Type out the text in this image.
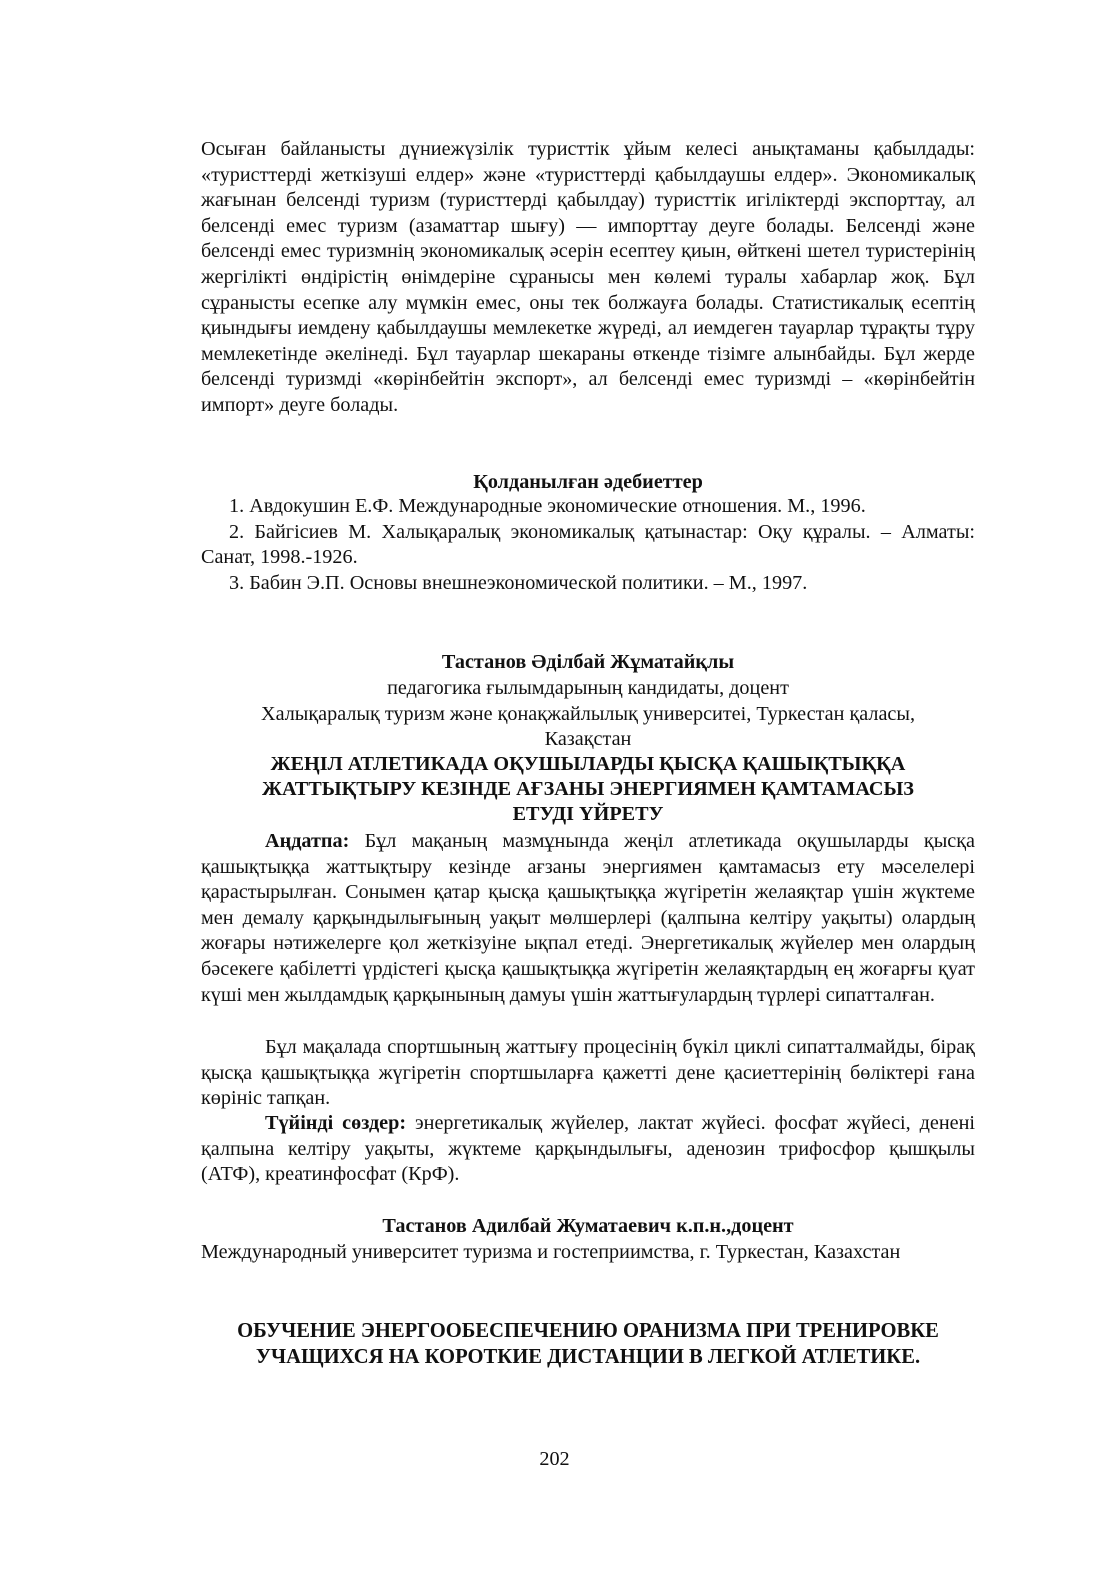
Осыған байланысты дүниежүзілік туристтік ұйым келесі анықтаманы қабылдады: «туристтерді жеткізуші елдер» және «туристтерді қабылдаушы елдер». Экономикалық жағынан белсенді туризм (туристтерді қабылдау) туристтік игіліктерді экспорттау, ал белсенді емес туризм (азаматтар шығу) — импорттау деуге болады. Белсенді және белсенді емес туризмнің экономикалық әсерін есептеу қиын, өйткені шетел туристерінің жергілікті өндірістің өнімдеріне сұранысы мен көлемі туралы хабарлар жоқ. Бұл сұранысты есепке алу мүмкін емес, оны тек болжауға болады. Статистикалық есептің қиындығы иемдену қабылдаушы мемлекетке жүреді, ал иемдеген тауарлар тұрақты тұру мемлекетінде әкелінеді. Бұл тауарлар шекараны өткенде тізімге алынбайды. Бұл жерде белсенді туризмді «көрінбейтін экспорт», ал белсенді емес туризмді – «көрінбейтін импорт» деуге болады.

Қолданылған әдебиеттер
1. Авдокушин Е.Ф. Международные экономические отношения. М., 1996.
2. Байгісиев М. Халықаралық экономикалық қатынастар: Оқу құралы. – Алматы: Санат, 1998.-1926.
3. Бабин Э.П. Основы внешнеэкономической политики. – М., 1997.
Тастанов Әділбай Жұматайқлы
педагогика ғылымдарының кандидаты, доцент
Халықаралық туризм және қонақжайлылық университеі, Туркестан қаласы,
Казақстан
ЖЕҢІЛ АТЛЕТИКАДА ОҚУШЫЛАРДЫ ҚЫСҚА ҚАШЫҚТЫҚҚА
ЖАТТЫҚТЫРУ КЕЗІНДЕ АҒЗАНЫ ЭНЕРГИЯМЕН ҚАМТАМАСЫЗ
ЕТУДІ ҮЙРЕТУ

Аңдатпа: Бұл мақаның мазмұнында жеңіл атлетикада оқушыларды қысқа қашықтыққа жаттықтыру кезінде ағзаны энергиямен қамтамасыз ету мәселелері қарастырылған. Сонымен қатар қысқа қашықтыққа жүгіретін желаяқтар үшін жүктеме мен демалу қарқындылығының уақыт мөлшерлері (қалпына келтіру уақыты) олардың жоғары нәтижелерге қол жеткізуіне ықпал етеді. Энергетикалық жүйелер мен олардың бәсекеге қабілетті үрдістегі қысқа қашықтыққа жүгіретін желаяқтардың ең жоғарғы қуат күші мен жылдамдық қарқынының дамуы үшін жаттығулардың түрлері сипатталған.

Бұл мақалада спортшының жаттығу процесінің бүкіл циклі сипатталмайды, бірақ қысқа қашықтыққа жүгіретін спортшыларға қажетті дене қасиеттерінің бөліктері ғана көрініс тапқан.

Түйінді сөздер: энергетикалық жүйелер, лактат жүйесі. фосфат жүйесі, денені қалпына келтіру уақыты, жүктеме қарқындылығы, аденозин трифосфор қышқылы (АТФ), креатинфосфат (КрФ).

Тастанов Адилбай Жуматаевич к.п.н.,доцент

Международный университет туризма и гостеприимства, г. Туркестан, Казахстан

ОБУЧЕНИЕ ЭНЕРГООБЕСПЕЧЕНИЮ ОРАНИЗМА ПРИ ТРЕНИРОВКЕ
УЧАЩИХСЯ НА КОРОТКИЕ ДИСТАНЦИИ В ЛЕГКОЙ АТЛЕТИКЕ.
202
